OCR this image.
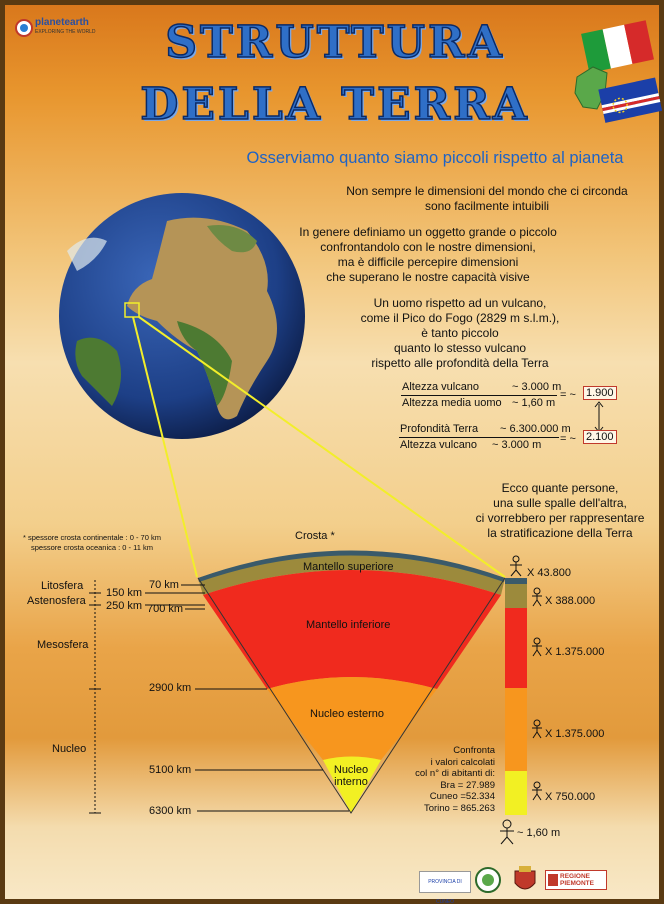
planetearth
EXPLORING THE WORLD	STRUTTURA
DELLA TERRA
Osserviamo quanto siamo piccoli rispetto al pianeta
Non sempre le dimensioni del mondo che ci circonda
sono facilmente intuibili
In genere definiamo un oggetto grande o piccolo
confrontandolo con le nostre dimensioni,
ma è difficile percepire dimensioni
che superano le nostre capacità visive
Un uomo rispetto ad un vulcano,
come il Pico do Fogo (2829 m s.l.m.),
è tanto piccolo
quanto lo stesso vulcano
rispetto alle profondità della Terra
Altezza vulcano	~ 3.000 m
Altezza media uomo ~ 1,60 m
= ~ 1.900
Profondità Terra ~ 6.300.000 m
Altezza vulcano ~ 3.000 m = ~ 2.100
Ecco quante persone,
una sulle spalle dell'altra,
ci vorrebbero per rappresentare
la stratificazione della Terra
* spessore crosta continentale : 0 - 70 km
spessore crosta oceanica : 0 - 11 km
Crosta *
Mantello superiore
Mantello inferiore
Nucleo esterno
Nucleo
interno
70 km
150 km
250 km 700 km
2900 km
5100 km
6300 km
Litosfera
Astenosfera
Mesosfera
Nucleo
X 43.800
X 388.000
X 1.375.000
X 1.375.000
X 750.000
~ 1,60 m
Confronta
i valori calcolati
col n° di abitanti di:
Bra = 27.989
Cuneo =52.334
Torino = 865.263
PROVINCIA DI CUNEO
REGIONE PIEMONTE
